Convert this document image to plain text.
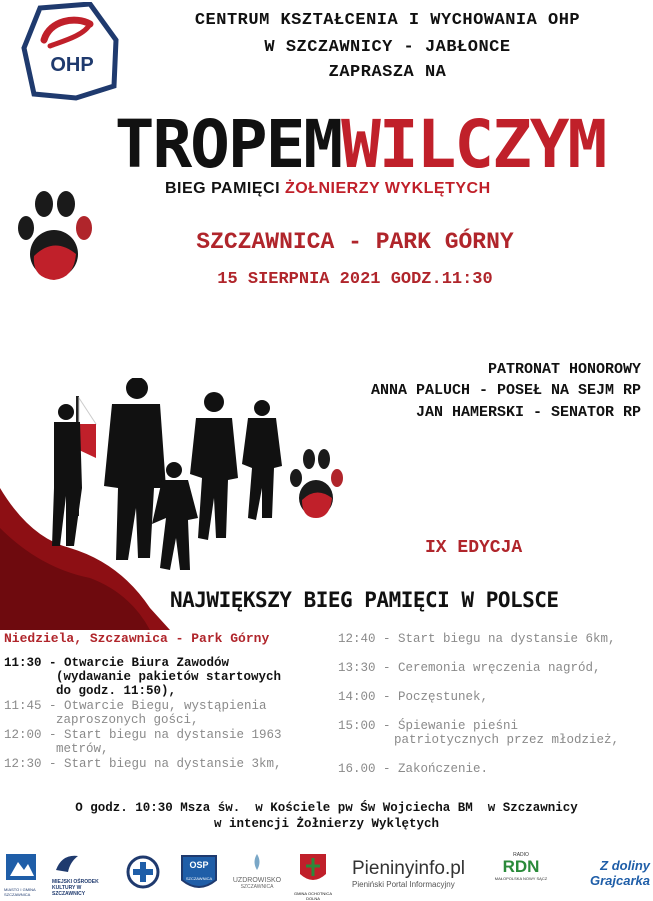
OHP
CENTRUM KSZTAŁCENIA I WYCHOWANIA OHP
W SZCZAWNICY - JABŁONCE
ZAPRASZA NA
TROPEMWILCZYM
BIEG PAMIĘCI ŻOŁNIERZY WYKLĘTYCH
SZCZAWNICA - PARK GÓRNY
15 SIERPNIA 2021 GODZ.11:30
PATRONAT HONOROWY
ANNA PALUCH - POSEŁ NA SEJM RP
JAN HAMERSKI - SENATOR RP
IX EDYCJA
NAJWIĘKSZY BIEG PAMIĘCI W POLSCE
Niedziela, Szczawnica - Park Górny
11:30 - Otwarcie Biura Zawodów
(wydawanie pakietów startowych
do godz. 11:50),
11:45 - Otwarcie Biegu, wystąpienia
zaproszonych gości,
12:00 - Start biegu na dystansie 1963
metrów,
12:30 - Start biegu na dystansie 3km,
12:40 - Start biegu na dystansie 6km,
13:30 - Ceremonia wręczenia nagród,
14:00 - Poczęstunek,
15:00 - Śpiewanie pieśni
patriotycznych przez młodzież,
16.00 - Zakończenie.
O godz. 10:30 Msza św.  w Kościele pw Św Wojciecha BM  w Szczawnicy
w intencji Żołnierzy Wyklętych
MIASTO I GMINA SZCZAWNICA
MIEJSKI OŚRODEK KULTURY W SZCZAWNICY
OSP
SZCZAWNICA	UZDROWISKO
SZCZAWNICA
GMINA OCHOTNICA DOLNA
Pieninyinfo.pl
Pieniński Portal Informacyjny
RADIO
RDN
MAŁOPOLSKA NOWY SĄCZ
Z doliny
Grajcarka
